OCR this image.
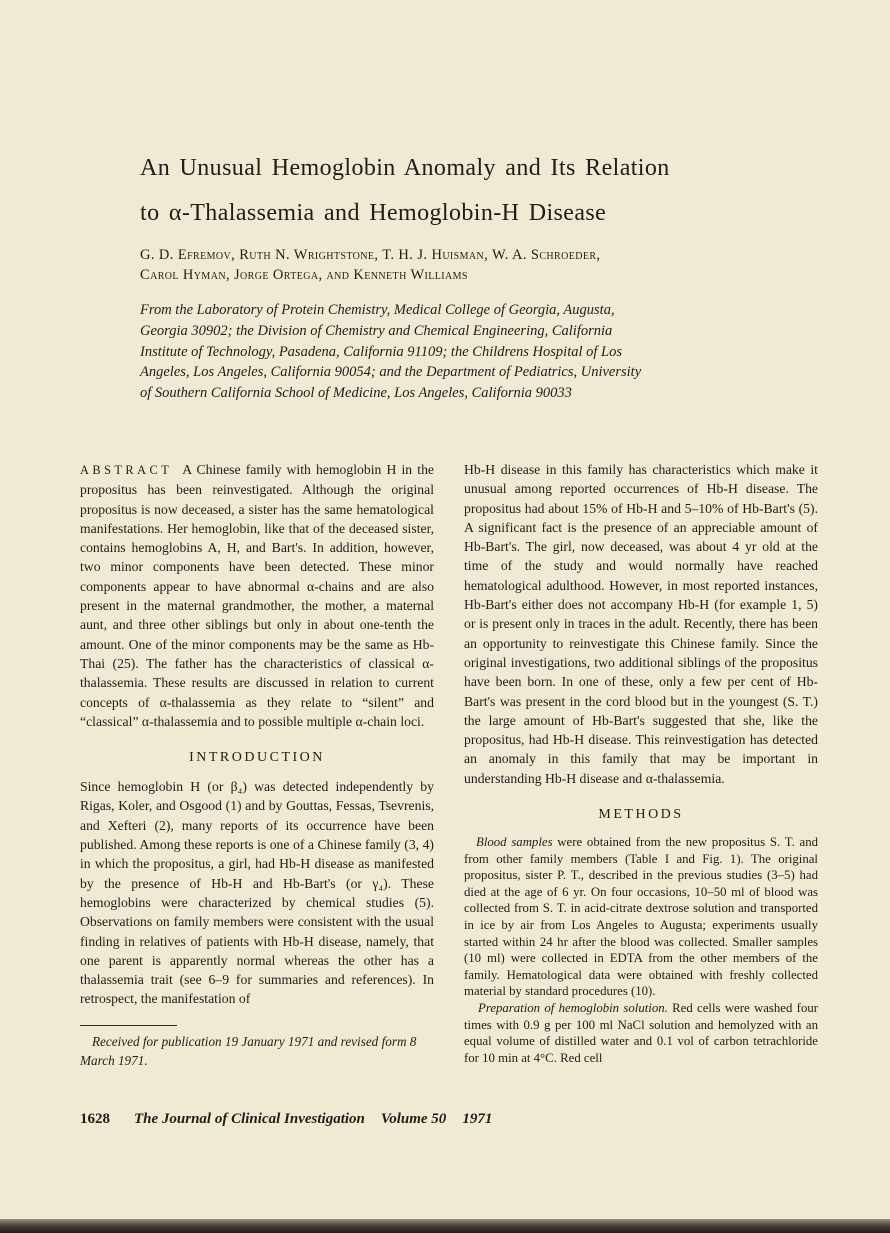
An Unusual Hemoglobin Anomaly and Its Relation
to α-Thalassemia and Hemoglobin-H Disease
G. D. Efremov, Ruth N. Wrightstone, T. H. J. Huisman, W. A. Schroeder,
Carol Hyman, Jorge Ortega, and Kenneth Williams
From the Laboratory of Protein Chemistry, Medical College of Georgia, Augusta, Georgia 30902; the Division of Chemistry and Chemical Engineering, California Institute of Technology, Pasadena, California 91109; the Childrens Hospital of Los Angeles, Los Angeles, California 90054; and the Department of Pediatrics, University of Southern California School of Medicine, Los Angeles, California 90033

ABSTRACT A Chinese family with hemoglobin H in the propositus has been reinvestigated. Although the original propositus is now deceased, a sister has the same hematological manifestations. Her hemoglobin, like that of the deceased sister, contains hemoglobins A, H, and Bart's. In addition, however, two minor components have been detected. These minor components appear to have abnormal α-chains and are also present in the maternal grandmother, the mother, a maternal aunt, and three other siblings but only in about one-tenth the amount. One of the minor components may be the same as Hb-Thai (25). The father has the characteristics of classical α-thalassemia. These results are discussed in relation to current concepts of α-thalassemia as they relate to “silent” and “classical” α-thalassemia and to possible multiple α-chain loci.

INTRODUCTION

Since hemoglobin H (or β₄) was detected independently by Rigas, Koler, and Osgood (1) and by Gouttas, Fessas, Tsevrenis, and Xefteri (2), many reports of its occurrence have been published. Among these reports is one of a Chinese family (3, 4) in which the propositus, a girl, had Hb-H disease as manifested by the presence of Hb-H and Hb-Bart's (or γ₄). These hemoglobins were characterized by chemical studies (5). Observations on family members were consistent with the usual finding in relatives of patients with Hb-H disease, namely, that one parent is apparently normal whereas the other has a thalassemia trait (see 6–9 for summaries and references). In retrospect, the manifestation of

Received for publication 19 January 1971 and revised form 8 March 1971.

Hb-H disease in this family has characteristics which make it unusual among reported occurrences of Hb-H disease. The propositus had about 15% of Hb-H and 5–10% of Hb-Bart's (5). A significant fact is the presence of an appreciable amount of Hb-Bart's. The girl, now deceased, was about 4 yr old at the time of the study and would normally have reached hematological adulthood. However, in most reported instances, Hb-Bart's either does not accompany Hb-H (for example 1, 5) or is present only in traces in the adult. Recently, there has been an opportunity to reinvestigate this Chinese family. Since the original investigations, two additional siblings of the propositus have been born. In one of these, only a few per cent of Hb-Bart's was present in the cord blood but in the youngest (S. T.) the large amount of Hb-Bart's suggested that she, like the propositus, had Hb-H disease. This reinvestigation has detected an anomaly in this family that may be important in understanding Hb-H disease and α-thalassemia.

METHODS

Blood samples were obtained from the new propositus S. T. and from other family members (Table I and Fig. 1). The original propositus, sister P. T., described in the previous studies (3–5) had died at the age of 6 yr. On four occasions, 10–50 ml of blood was collected from S. T. in acid-citrate dextrose solution and transported in ice by air from Los Angeles to Augusta; experiments usually started within 24 hr after the blood was collected. Smaller samples (10 ml) were collected in EDTA from the other members of the family. Hematological data were obtained with freshly collected material by standard procedures (10).

Preparation of hemoglobin solution. Red cells were washed four times with 0.9 g per 100 ml NaCl solution and hemolyzed with an equal volume of distilled water and 0.1 vol of carbon tetrachloride for 10 min at 4°C. Red cell

1628 The Journal of Clinical Investigation Volume 50 1971
